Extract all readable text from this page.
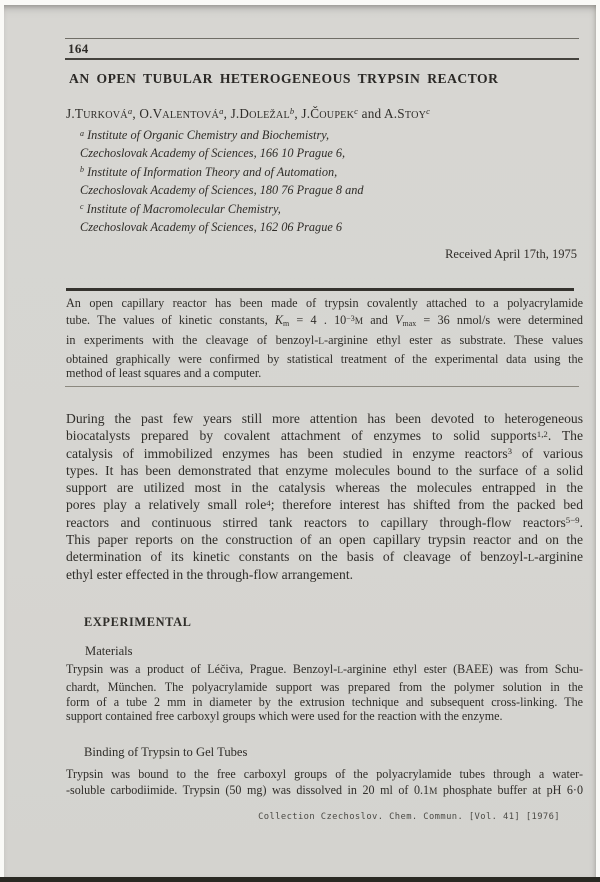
164
AN OPEN TUBULAR HETEROGENEOUS TRYPSIN REACTOR
J.TURKOVÁ$^a$, O.VALENTOVÁ$^a$, J.DOLEŽAL$^b$, J.ČOUPEK$^c$ and A.STOY$^c$
$^a$ Institute of Organic Chemistry and Biochemistry,
Czechoslovak Academy of Sciences, 166 10 Prague 6,
$^b$ Institute of Information Theory and of Automation,
Czechoslovak Academy of Sciences, 180 76 Prague 8 and
$^c$ Institute of Macromolecular Chemistry,
Czechoslovak Academy of Sciences, 162 06 Prague 6
Received April 17th, 1975
An open capillary reactor has been made of trypsin covalently attached to a polyacrylamide
tube. The values of kinetic constants, $K_m = 4$ . $10^{-3}M$ and $V_{max} = 36$ nmol/s were determined
in experiments with the cleavage of benzoyl-L-arginine ethyl ester as substrate. These values
obtained graphically were confirmed by statistical treatment of the experimental data using the
method of least squares and a computer.
During the past few years still more attention has been devoted to heterogeneous
biocatalysts prepared by covalent attachment of enzymes to solid supports$^{1,2}$. The
catalysis of immobilized enzymes has been studied in enzyme reactors$^3$ of various
types. It has been demonstrated that enzyme molecules bound to the surface of a solid
support are utilized most in the catalysis whereas the molecules entrapped in the
pores play a relatively small role$^4$; therefore interest has shifted from the packed bed
reactors and continuous stirred tank reactors to capillary through-flow reactors$^{5-9}$.
This paper reports on the construction of an open capillary trypsin reactor and on the
determination of its kinetic constants on the basis of cleavage of benzoyl-L-arginine
ethyl ester effected in the through-flow arrangement.
EXPERIMENTAL
Materials
Trypsin was a product of Léčiva, Prague. Benzoyl-L-arginine ethyl ester (BAEE) was from Schu-
chardt, München. The polyacrylamide support was prepared from the polymer solution in the
form of a tube 2 mm in diameter by the extrusion technique and subsequent cross-linking. The
support contained free carboxyl groups which were used for the reaction with the enzyme.
Binding of Trypsin to Gel Tubes
Trypsin was bound to the free carboxyl groups of the polyacrylamide tubes through a water-
-soluble carbodiimide. Trypsin (50 mg) was dissolved in 20 ml of 0.1M phosphate buffer at pH 6·0
Collection Czechoslov. Chem. Commun. [Vol. 41] [1976]
